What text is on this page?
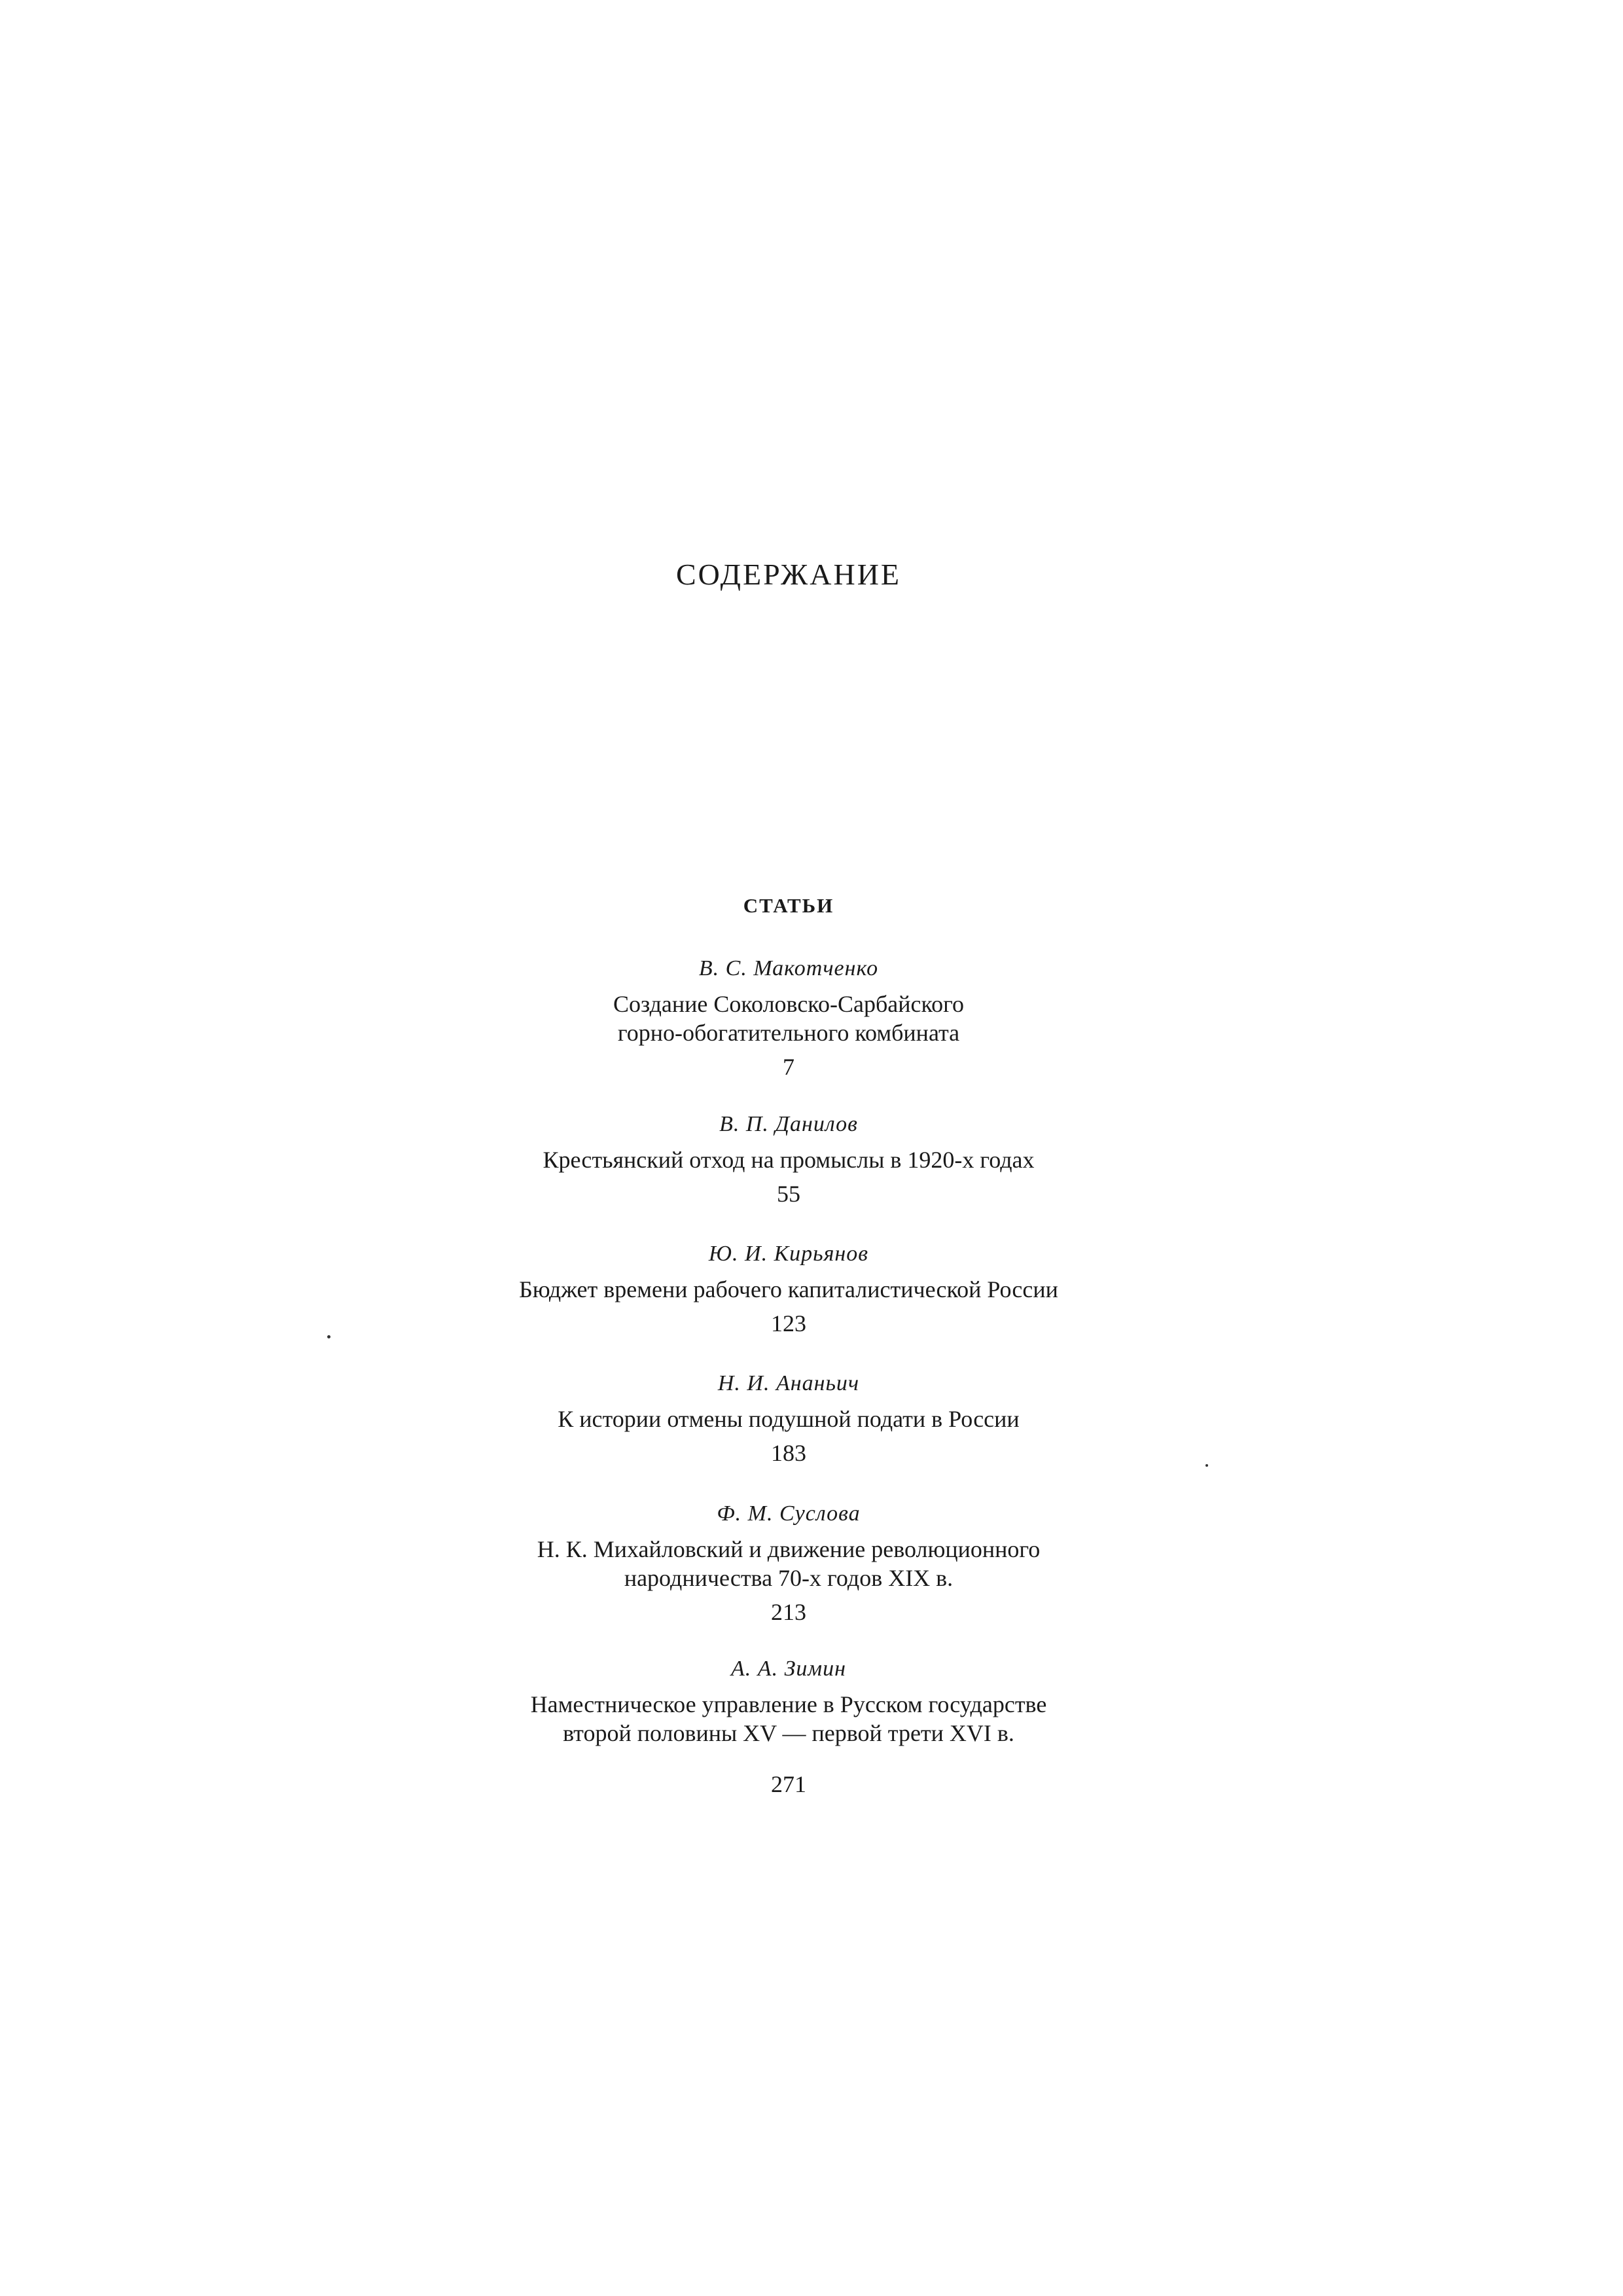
СОДЕРЖАНИЕ
СТАТЬИ
В. С. Макотченко
Создание Соколовско-Сарбайского
горно-обогатительного комбината
7
В. П. Данилов
Крестьянский отход на промыслы в 1920-х годах
55
Ю. И. Кирьянов
Бюджет времени рабочего капиталистической России
123
Н. И. Ананьич
К истории отмены подушной подати в России
183
Ф. М. Суслова
Н. К. Михайловский и движение революционного
народничества 70-х годов XIX в.
213
А. А. Зимин
Наместническое управление в Русском государстве
второй половины XV — первой трети XVI в.
271
